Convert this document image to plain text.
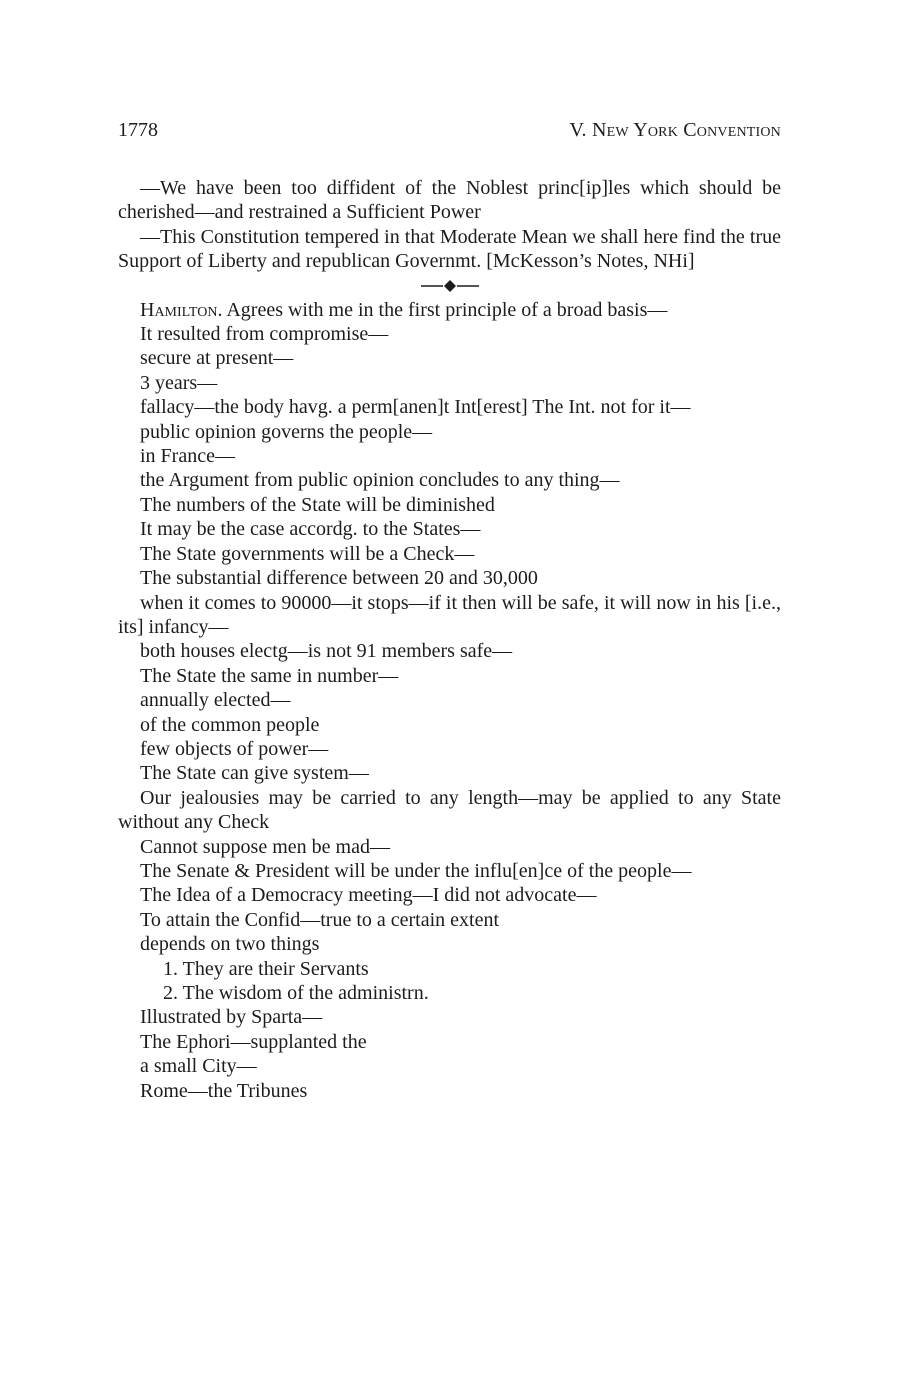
1778	V. New York Convention

—We have been too diffident of the Noblest princ[ip]les which should be cherished—and restrained a Sufficient Power

—This Constitution tempered in that Moderate Mean we shall here find the true Support of Liberty and republican Governmt. [McKesson’s Notes, NHi]

Hamilton. Agrees with me in the first principle of a broad basis—

It resulted from compromise—

secure at present—

3 years—

fallacy—the body havg. a perm[anen]t Int[erest] The Int. not for it—

public opinion governs the people—

in France—

the Argument from public opinion concludes to any thing—

The numbers of the State will be diminished

It may be the case accordg. to the States—

The State governments will be a Check—

The substantial difference between 20 and 30,000

when it comes to 90000—it stops—if it then will be safe, it will now in his [i.e., its] infancy—

both houses electg—is not 91 members safe—

The State the same in number—

annually elected—

of the common people

few objects of power—

The State can give system—

Our jealousies may be carried to any length—may be applied to any State without any Check

Cannot suppose men be mad—

The Senate & President will be under the influ[en]ce of the people—

The Idea of a Democracy meeting—I did not advocate—

To attain the Confid—true to a certain extent

depends on two things

1. They are their Servants

2. The wisdom of the administrn.

Illustrated by Sparta—

The Ephori—supplanted the

a small City—

Rome—the Tribunes
